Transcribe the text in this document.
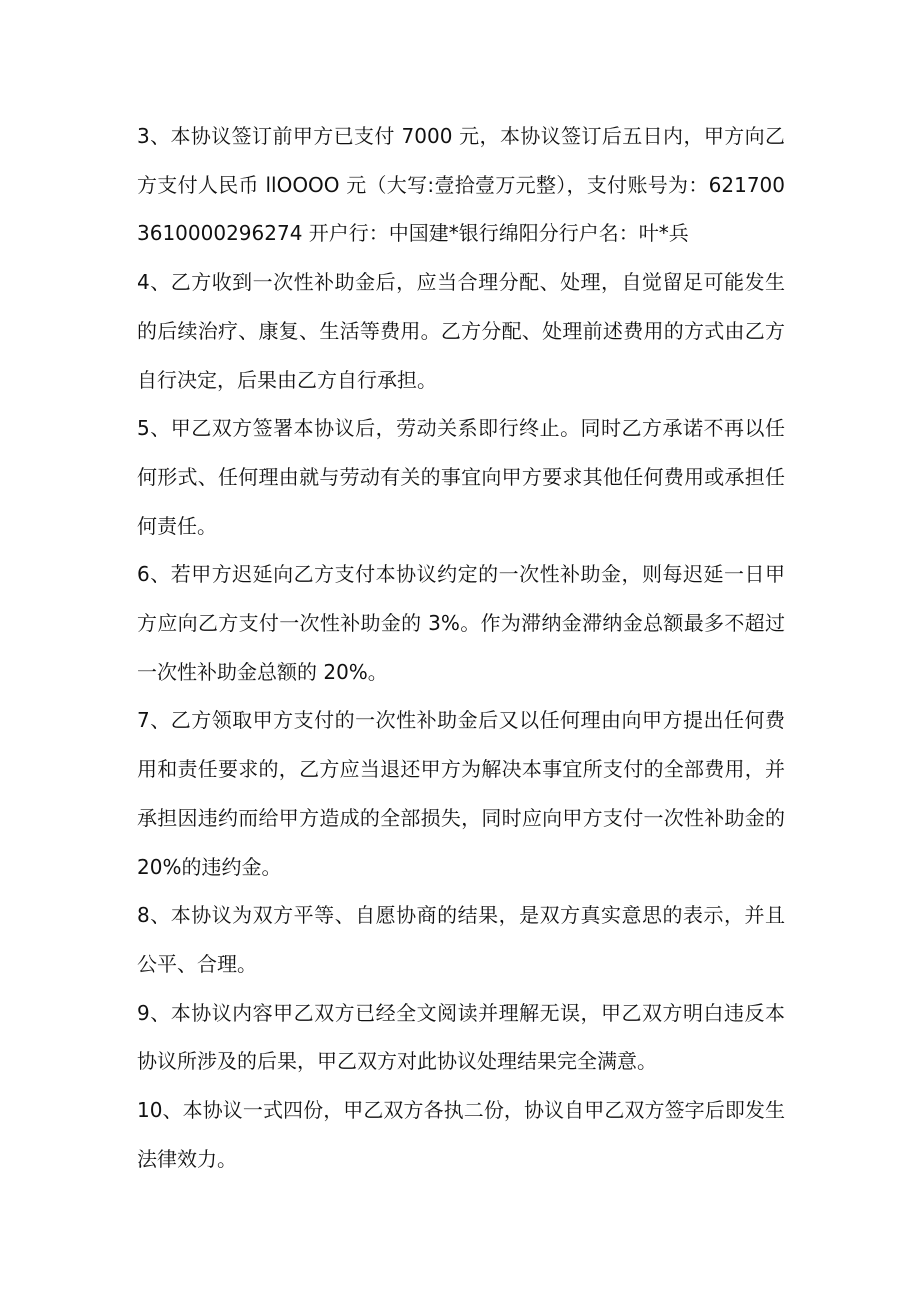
3、本协议签订前甲方已支付 7000 元，本协议签订后五日内，甲方向乙方支付人民币 llOOOO 元（大写:壹拾壹万元整），支付账号为：6217003610000296274 开户行：中国建*银行绵阳分行户名：叶*兵

4、乙方收到一次性补助金后，应当合理分配、处理，自觉留足可能发生的后续治疗、康复、生活等费用。乙方分配、处理前述费用的方式由乙方自行决定，后果由乙方自行承担。

5、甲乙双方签署本协议后，劳动关系即行终止。同时乙方承诺不再以任何形式、任何理由就与劳动有关的事宜向甲方要求其他任何费用或承担任何责任。

6、若甲方迟延向乙方支付本协议约定的一次性补助金，则每迟延一日甲方应向乙方支付一次性补助金的 3%。作为滞纳金滞纳金总额最多不超过一次性补助金总额的 20%。

7、乙方领取甲方支付的一次性补助金后又以任何理由向甲方提出任何费用和责任要求的，乙方应当退还甲方为解决本事宜所支付的全部费用，并承担因违约而给甲方造成的全部损失，同时应向甲方支付一次性补助金的 20%的违约金。

8、本协议为双方平等、自愿协商的结果，是双方真实意思的表示，并且公平、合理。

9、本协议内容甲乙双方已经全文阅读并理解无误，甲乙双方明白违反本协议所涉及的后果，甲乙双方对此协议处理结果完全满意。

10、本协议一式四份，甲乙双方各执二份，协议自甲乙双方签字后即发生法律效力。
